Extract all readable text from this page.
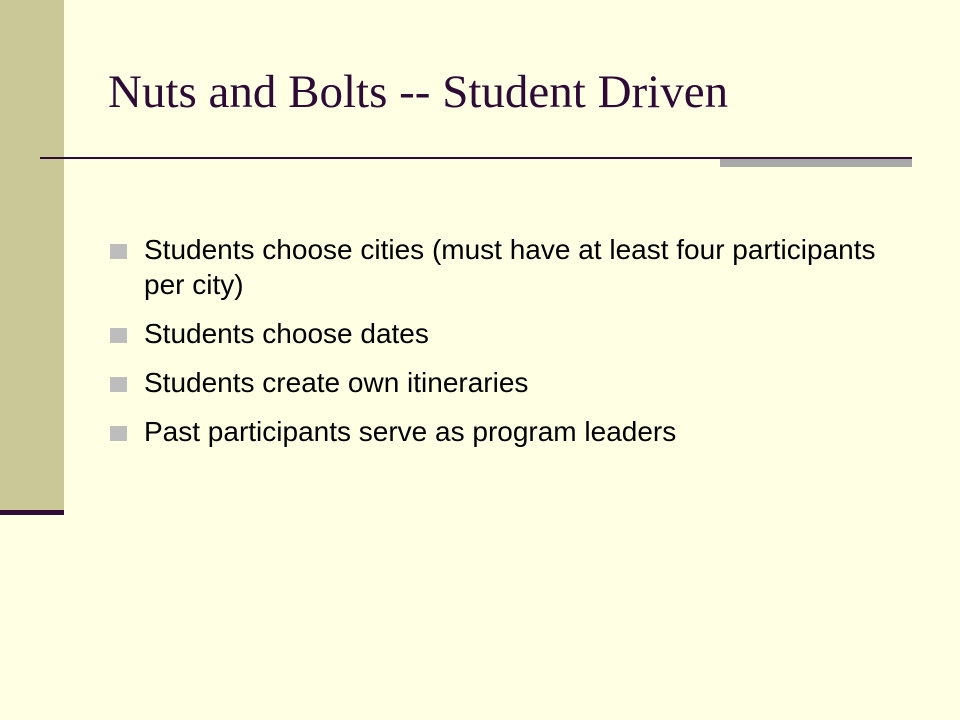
Nuts and Bolts -- Student Driven
Students choose cities (must have at least four participants per city)
Students choose dates
Students create own itineraries
Past participants serve as program leaders
